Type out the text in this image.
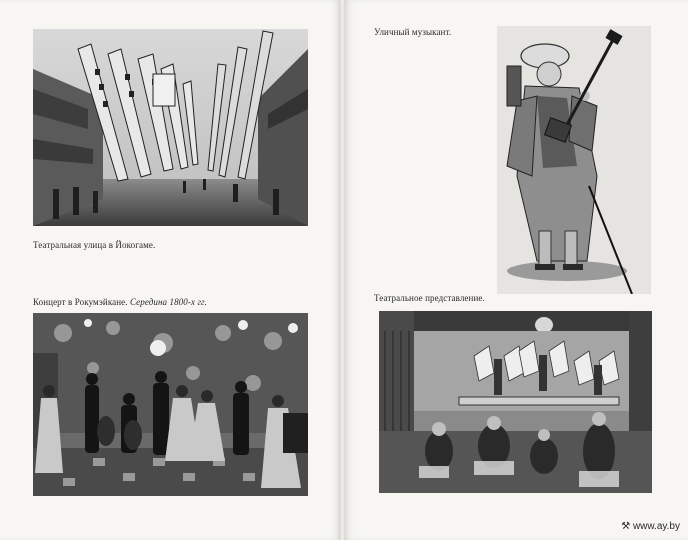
Театральная улица в Йокогаме.
Концерт в Рокумэйкане. Середина 1800-х гг.
Уличный музыкант.
Театральное представление.
⚒ www.ay.by
